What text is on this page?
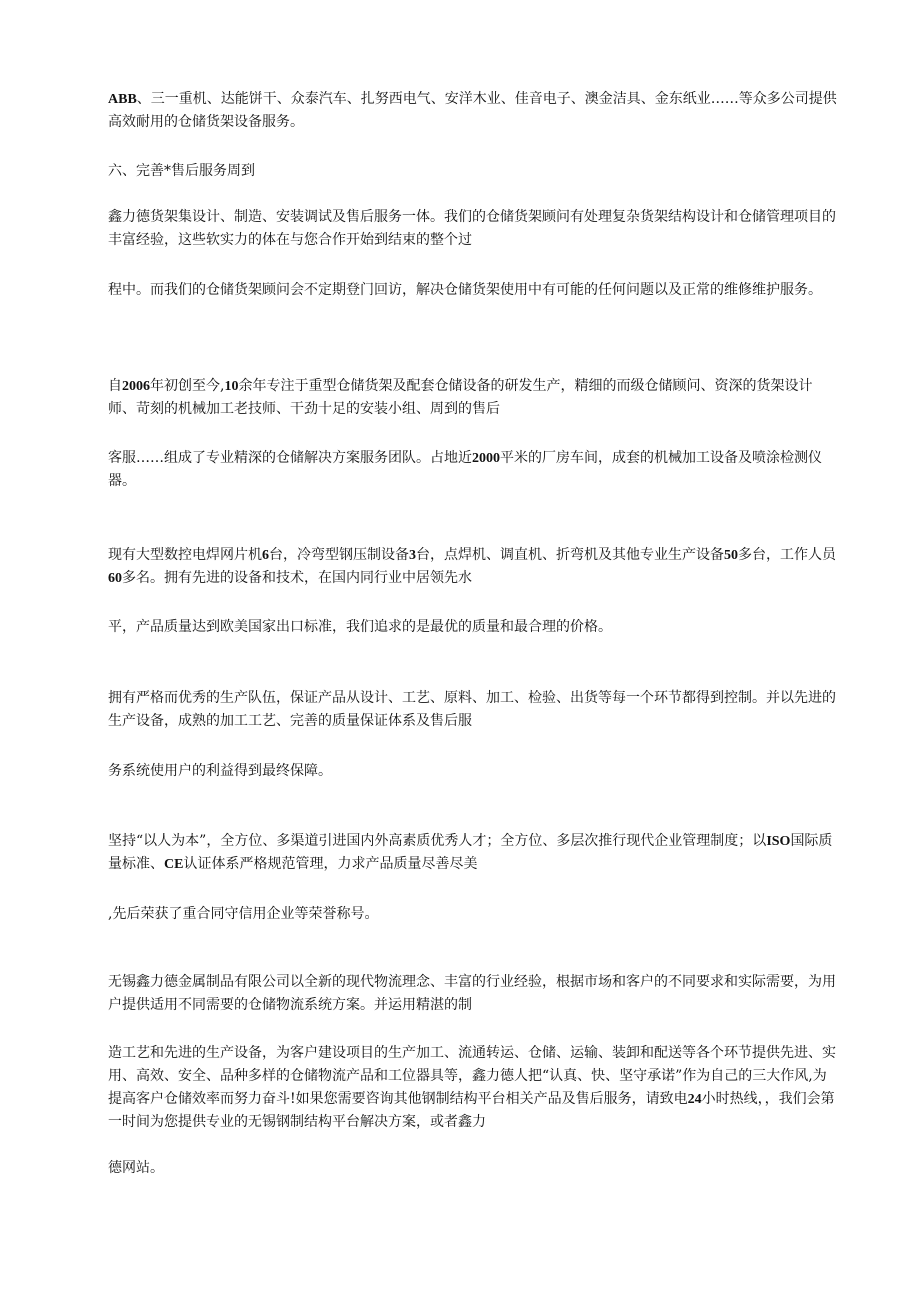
ABB、三一重机、达能饼干、众泰汽车、扎努西电气、安洋木业、佳音电子、澳金洁具、金东纸业……等众多公司提供高效耐用的仓储货架设备服务。

六、完善*售后服务周到

鑫力德货架集设计、制造、安装调试及售后服务一体。我们的仓储货架顾问有处理复杂货架结构设计和仓储管理项目的丰富经验，这些软实力的体在与您合作开始到结束的整个过

程中。而我们的仓储货架顾问会不定期登门回访，解决仓储货架使用中有可能的任何问题以及正常的维修维护服务。

自2006年初创至今,10余年专注于重型仓储货架及配套仓储设备的研发生产，精细的而级仓储顾问、资深的货架设计师、苛刻的机械加工老技师、干劲十足的安装小组、周到的售后

客服……组成了专业精深的仓储解决方案服务团队。占地近2000平米的厂房车间，成套的机械加工设备及喷涂检测仪器。

现有大型数控电焊网片机6台，冷弯型钢压制设备3台，点焊机、调直机、折弯机及其他专业生产设备50多台，工作人员60多名。拥有先进的设备和技术，在国内同行业中居领先水

平，产品质量达到欧美国家出口标准，我们追求的是最优的质量和最合理的价格。

拥有严格而优秀的生产队伍，保证产品从设计、工艺、原料、加工、检验、出货等每一个环节都得到控制。并以先进的生产设备，成熟的加工工艺、完善的质量保证体系及售后服

务系统使用户的利益得到最终保障。

坚持“以人为本”，全方位、多渠道引进国内外高素质优秀人才；全方位、多层次推行现代企业管理制度；以ISO国际质量标准、CE认证体系严格规范管理，力求产品质量尽善尽美

,先后荣获了重合同守信用企业等荣誉称号。

无锡鑫力德金属制品有限公司以全新的现代物流理念、丰富的行业经验，根据市场和客户的不同要求和实际需要，为用户提供适用不同需要的仓储物流系统方案。并运用精湛的制

造工艺和先进的生产设备，为客户建设项目的生产加工、流通转运、仓储、运输、装卸和配送等各个环节提供先进、实用、高效、安全、品种多样的仓储物流产品和工位器具等，鑫力德人把“认真、快、坚守承诺”作为自己的三大作风,为提高客户仓储效率而努力奋斗!如果您需要咨询其他钢制结构平台相关产品及售后服务，请致电24小时热线，，我们会第一时间为您提供专业的无锡钢制结构平台解决方案，或者鑫力

德网站。
